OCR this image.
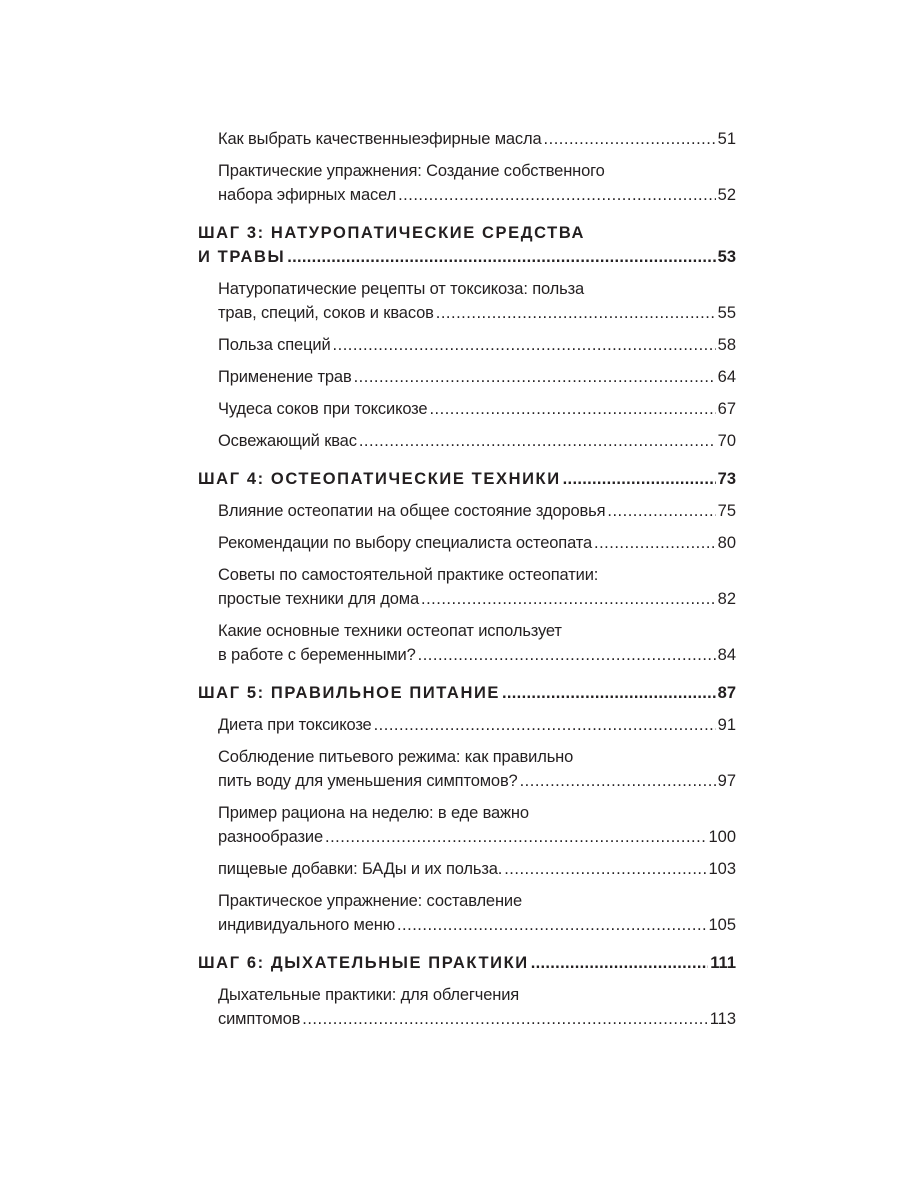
Как выбрать качественныеэфирные масла .....	51
Практические упражнения: Создание собственного
набора эфирных масел .....	52
ШАГ 3: НАТУРОПАТИЧЕСКИЕ СРЕДСТВА
И ТРАВЫ .....	53
Натуропатические рецепты от токсикоза: польза
трав, специй, соков и квасов .....	55
Польза специй .....	58
Применение трав .....	64
Чудеса соков при токсикозе .....	67
Освежающий квас .....	70
ШАГ 4: ОСТЕОПАТИЧЕСКИЕ ТЕХНИКИ .....	73
Влияние остеопатии на общее состояние здоровья .....	75
Рекомендации по выбору специалиста остеопата .....	80
Советы по самостоятельной практике остеопатии:
простые техники для дома .....	82
Какие основные техники остеопат использует
в работе с беременными? .....	84
ШАГ 5: ПРАВИЛЬНОЕ ПИТАНИЕ .....	87
Диета при токсикозе .....	91
Соблюдение питьевого режима: как правильно
пить воду для уменьшения симптомов? .....	97
Пример рациона на неделю: в еде важно
разнообразие .....	100
пищевые добавки: БАДы и их польза. .....	103
Практическое упражнение: составление
индивидуального меню .....	105
ШАГ 6: ДЫХАТЕЛЬНЫЕ ПРАКТИКИ .....	111
Дыхательные практики: для облегчения
симптомов .....	113
